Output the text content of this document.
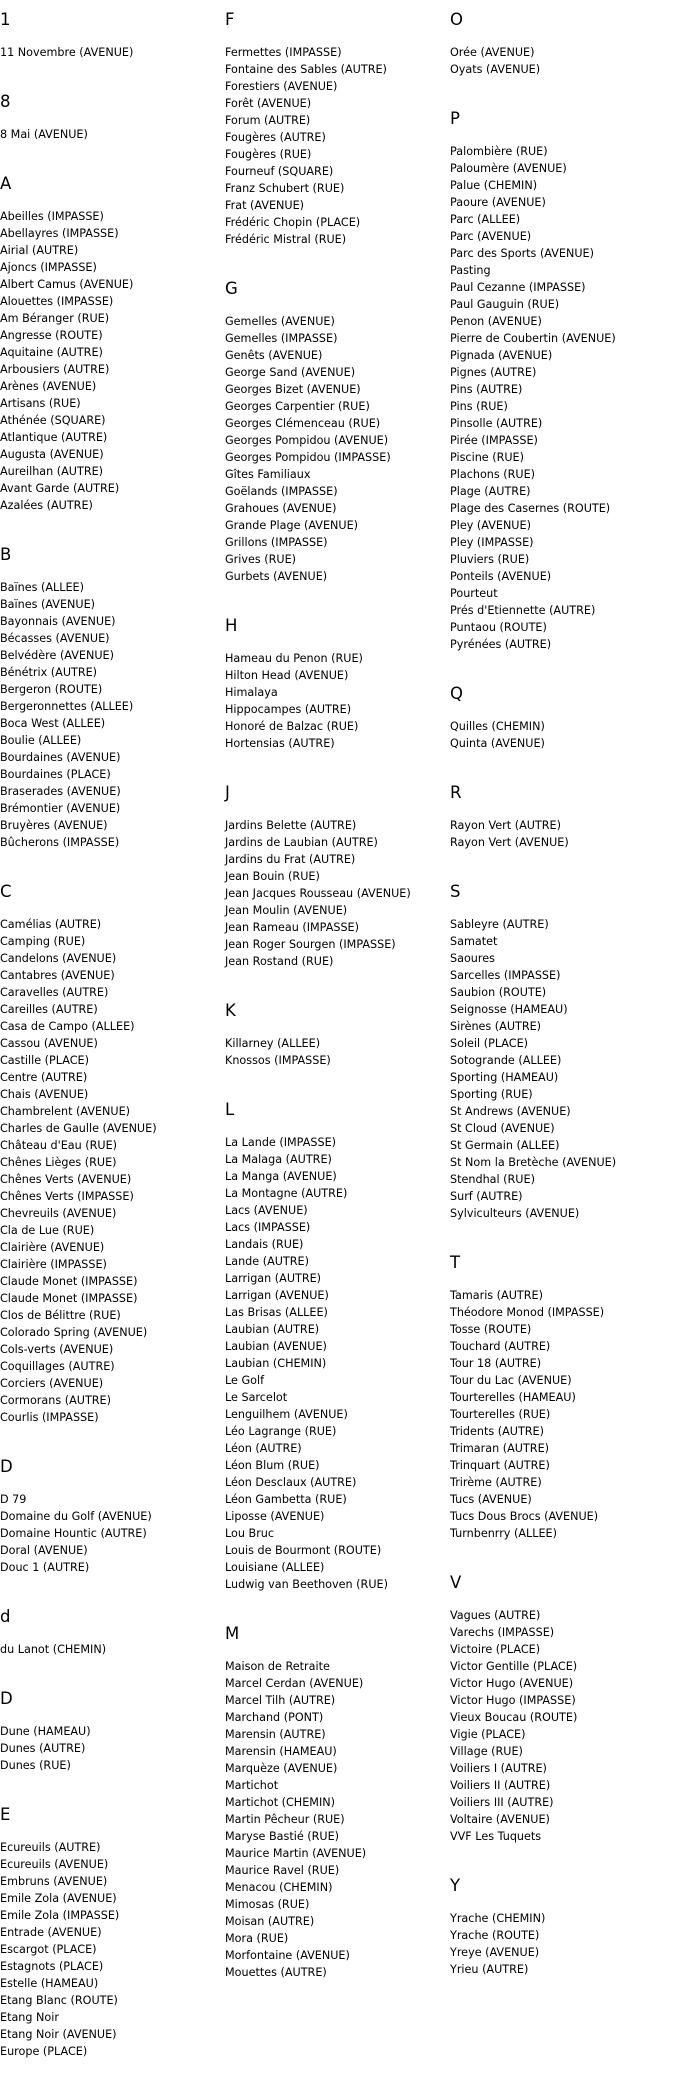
1
11 Novembre (AVENUE)
8
8 Mai (AVENUE)
A
Abeilles (IMPASSE)
Abellayres (IMPASSE)
Airial (AUTRE)
Ajoncs (IMPASSE)
Albert Camus (AVENUE)
Alouettes (IMPASSE)
Am Béranger (RUE)
Angresse (ROUTE)
Aquitaine (AUTRE)
Arbousiers (AUTRE)
Arènes (AVENUE)
Artisans (RUE)
Athénée (SQUARE)
Atlantique (AUTRE)
Augusta (AVENUE)
Aureilhan (AUTRE)
Avant Garde (AUTRE)
Azalées (AUTRE)
B
Baïnes (ALLEE)
Baïnes (AVENUE)
Bayonnais (AVENUE)
Bécasses (AVENUE)
Belvédère (AVENUE)
Bénétrix (AUTRE)
Bergeron (ROUTE)
Bergeronnettes (ALLEE)
Boca West (ALLEE)
Boulie (ALLEE)
Bourdaines (AVENUE)
Bourdaines (PLACE)
Braserades (AVENUE)
Brémontier (AVENUE)
Bruyères (AVENUE)
Bûcherons (IMPASSE)
C
Camélias (AUTRE)
Camping (RUE)
Candelons (AVENUE)
Cantabres (AVENUE)
Caravelles (AUTRE)
Careilles (AUTRE)
Casa de Campo (ALLEE)
Cassou (AVENUE)
Castille (PLACE)
Centre (AUTRE)
Chais (AVENUE)
Chambrelent (AVENUE)
Charles de Gaulle (AVENUE)
Château d'Eau (RUE)
Chênes Lièges (RUE)
Chênes Verts (AVENUE)
Chênes Verts (IMPASSE)
Chevreuils (AVENUE)
Cla de Lue (RUE)
Clairière (AVENUE)
Clairière (IMPASSE)
Claude Monet (IMPASSE)
Claude Monet (IMPASSE)
Clos de Bélittre (RUE)
Colorado Spring (AVENUE)
Cols-verts (AVENUE)
Coquillages (AUTRE)
Corciers (AVENUE)
Cormorans (AUTRE)
Courlis (IMPASSE)
D
D 79
Domaine du Golf (AVENUE)
Domaine Hountic (AUTRE)
Doral (AVENUE)
Douc 1 (AUTRE)
d
du Lanot (CHEMIN)
D
Dune (HAMEAU)
Dunes (AUTRE)
Dunes (RUE)
E
Ecureuils (AUTRE)
Ecureuils (AVENUE)
Embruns (AVENUE)
Emile Zola (AVENUE)
Emile Zola (IMPASSE)
Entrade (AVENUE)
Escargot (PLACE)
Estagnots (PLACE)
Estelle (HAMEAU)
Etang Blanc (ROUTE)
Etang Noir
Etang Noir (AVENUE)
Europe (PLACE)
F
Fermettes (IMPASSE)
Fontaine des Sables (AUTRE)
Forestiers (AVENUE)
Forêt (AVENUE)
Forum (AUTRE)
Fougères (AUTRE)
Fougères (RUE)
Fourneuf (SQUARE)
Franz Schubert (RUE)
Frat (AVENUE)
Frédéric Chopin (PLACE)
Frédéric Mistral (RUE)
G
Gemelles (AVENUE)
Gemelles (IMPASSE)
Genêts (AVENUE)
George Sand (AVENUE)
Georges Bizet (AVENUE)
Georges Carpentier (RUE)
Georges Clémenceau (RUE)
Georges Pompidou (AVENUE)
Georges Pompidou (IMPASSE)
Gîtes Familiaux
Goëlands (IMPASSE)
Grahoues (AVENUE)
Grande Plage (AVENUE)
Grillons (IMPASSE)
Grives (RUE)
Gurbets (AVENUE)
H
Hameau du Penon (RUE)
Hilton Head (AVENUE)
Himalaya
Hippocampes (AUTRE)
Honoré de Balzac (RUE)
Hortensias (AUTRE)
J
Jardins Belette (AUTRE)
Jardins de Laubian (AUTRE)
Jardins du Frat (AUTRE)
Jean Bouin (RUE)
Jean Jacques Rousseau (AVENUE)
Jean Moulin (AVENUE)
Jean Rameau (IMPASSE)
Jean Roger Sourgen (IMPASSE)
Jean Rostand (RUE)
K
Killarney (ALLEE)
Knossos (IMPASSE)
L
La Lande (IMPASSE)
La Malaga (AUTRE)
La Manga (AVENUE)
La Montagne (AUTRE)
Lacs (AVENUE)
Lacs (IMPASSE)
Landais (RUE)
Lande (AUTRE)
Larrigan (AUTRE)
Larrigan (AVENUE)
Las Brisas (ALLEE)
Laubian (AUTRE)
Laubian (AVENUE)
Laubian (CHEMIN)
Le Golf
Le Sarcelot
Lenguilhem (AVENUE)
Léo Lagrange (RUE)
Léon (AUTRE)
Léon Blum (RUE)
Léon Desclaux (AUTRE)
Léon Gambetta (RUE)
Liposse (AVENUE)
Lou Bruc
Louis de Bourmont (ROUTE)
Louisiane (ALLEE)
Ludwig van Beethoven (RUE)
M
Maison de Retraite
Marcel Cerdan (AVENUE)
Marcel Tilh (AUTRE)
Marchand (PONT)
Marensin (AUTRE)
Marensin (HAMEAU)
Marquèze (AVENUE)
Martichot
Martichot (CHEMIN)
Martin Pêcheur (RUE)
Maryse Bastié (RUE)
Maurice Martin (AVENUE)
Maurice Ravel (RUE)
Menacou (CHEMIN)
Mimosas (RUE)
Moisan (AUTRE)
Mora (RUE)
Morfontaine (AVENUE)
Mouettes (AUTRE)
O
Orée (AVENUE)
Oyats (AVENUE)
P
Palombière (RUE)
Paloumère (AVENUE)
Palue (CHEMIN)
Paoure (AVENUE)
Parc (ALLEE)
Parc (AVENUE)
Parc des Sports (AVENUE)
Pasting
Paul Cezanne (IMPASSE)
Paul Gauguin (RUE)
Penon (AVENUE)
Pierre de Coubertin (AVENUE)
Pignada (AVENUE)
Pignes (AUTRE)
Pins (AUTRE)
Pins (RUE)
Pinsolle (AUTRE)
Pirée (IMPASSE)
Piscine (RUE)
Plachons (RUE)
Plage (AUTRE)
Plage des Casernes (ROUTE)
Pley (AVENUE)
Pley (IMPASSE)
Pluviers (RUE)
Ponteils (AVENUE)
Pourteut
Prés d'Etiennette (AUTRE)
Puntaou (ROUTE)
Pyrénées (AUTRE)
Q
Quilles (CHEMIN)
Quinta (AVENUE)
R
Rayon Vert (AUTRE)
Rayon Vert (AVENUE)
S
Sableyre (AUTRE)
Samatet
Saoures
Sarcelles (IMPASSE)
Saubion (ROUTE)
Seignosse (HAMEAU)
Sirènes (AUTRE)
Soleil (PLACE)
Sotogrande (ALLEE)
Sporting (HAMEAU)
Sporting (RUE)
St Andrews (AVENUE)
St Cloud (AVENUE)
St Germain (ALLEE)
St Nom la Bretèche (AVENUE)
Stendhal (RUE)
Surf (AUTRE)
Sylviculteurs (AVENUE)
T
Tamaris (AUTRE)
Théodore Monod (IMPASSE)
Tosse (ROUTE)
Touchard (AUTRE)
Tour 18 (AUTRE)
Tour du Lac (AVENUE)
Tourterelles (HAMEAU)
Tourterelles (RUE)
Tridents (AUTRE)
Trimaran (AUTRE)
Trinquart (AUTRE)
Trirème (AUTRE)
Tucs (AVENUE)
Tucs Dous Brocs (AVENUE)
Turnbenrry (ALLEE)
V
Vagues (AUTRE)
Varechs (IMPASSE)
Victoire (PLACE)
Victor Gentille (PLACE)
Victor Hugo (AVENUE)
Victor Hugo (IMPASSE)
Vieux Boucau (ROUTE)
Vigie (PLACE)
Village (RUE)
Voiliers I (AUTRE)
Voiliers II (AUTRE)
Voiliers III (AUTRE)
Voltaire (AVENUE)
VVF Les Tuquets
Y
Yrache (CHEMIN)
Yrache (ROUTE)
Yreye (AVENUE)
Yrieu (AUTRE)
